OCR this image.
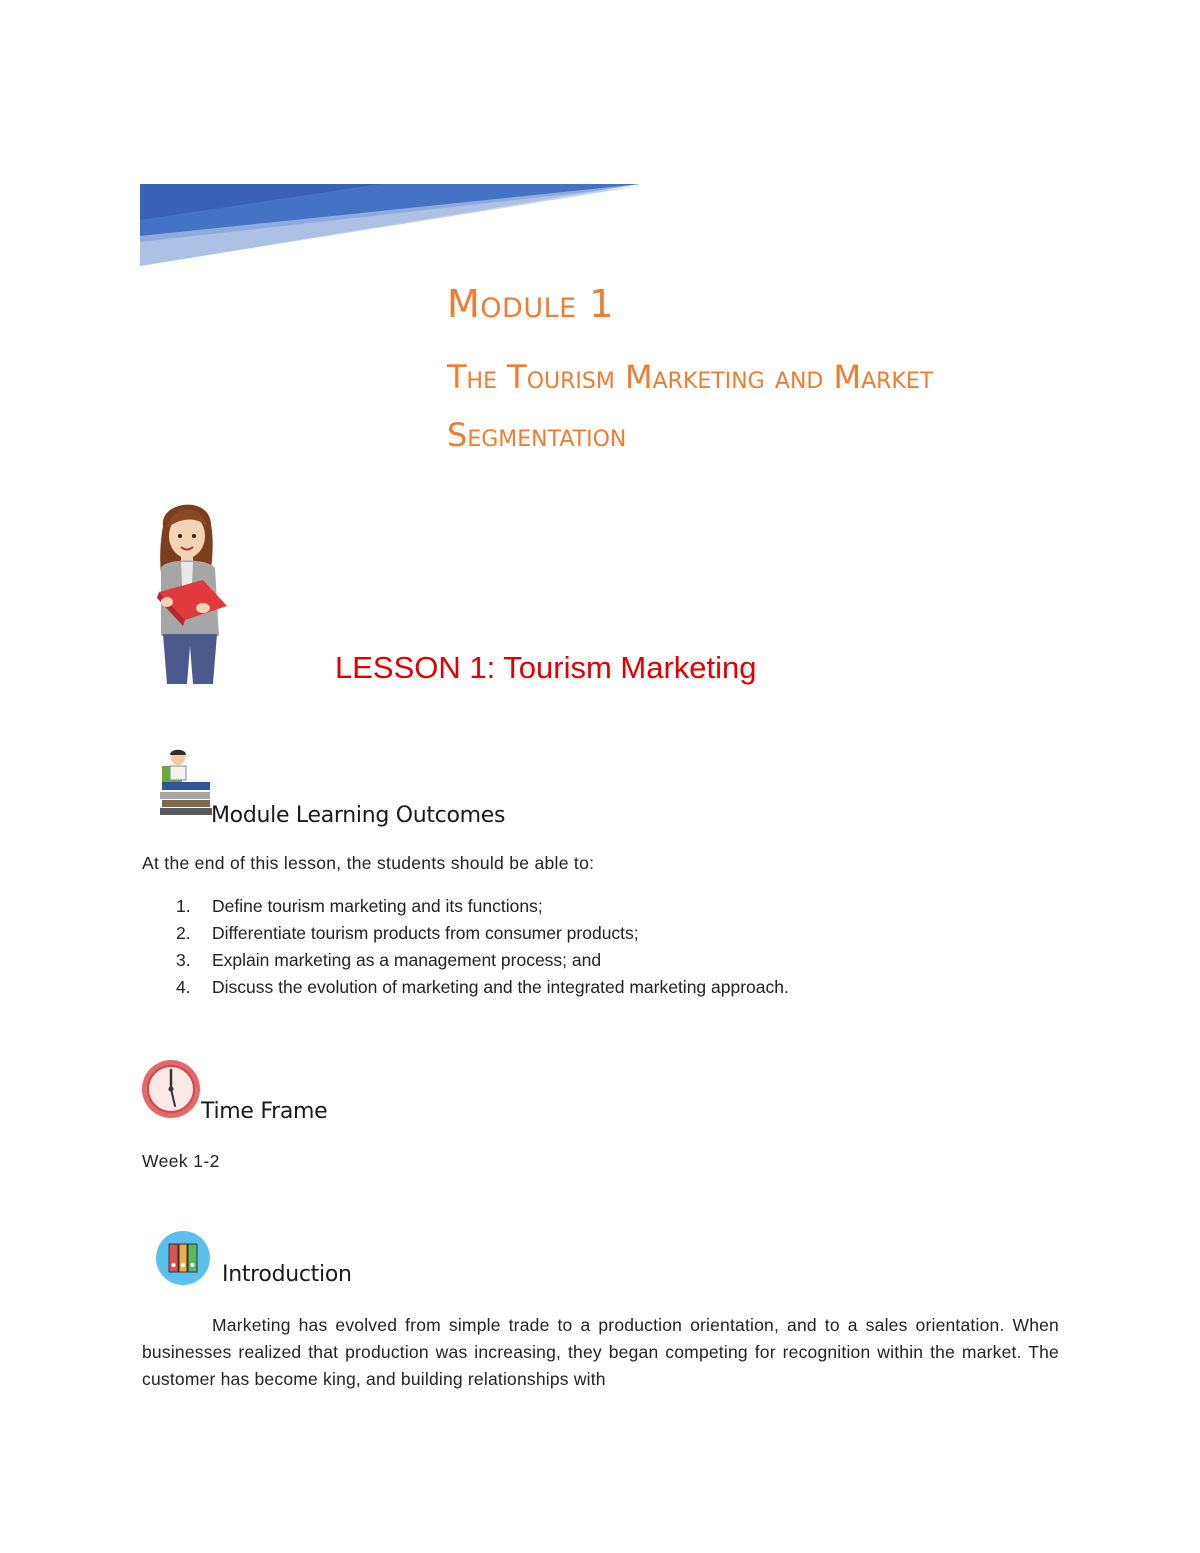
Module 1
The Tourism Marketing and Market
Segmentation
LESSON 1: Tourism Marketing
Module Learning Outcomes
At the end of this lesson, the students should be able to:
1. Define tourism marketing and its functions;
2. Differentiate tourism products from consumer products;
3. Explain marketing as a management process; and
4. Discuss the evolution of marketing and the integrated marketing approach.
Time Frame
Week 1-2
Introduction

Marketing has evolved from simple trade to a production orientation, and to a sales orientation. When businesses realized that production was increasing, they began competing for recognition within the market. The customer has become king, and building relationships with
